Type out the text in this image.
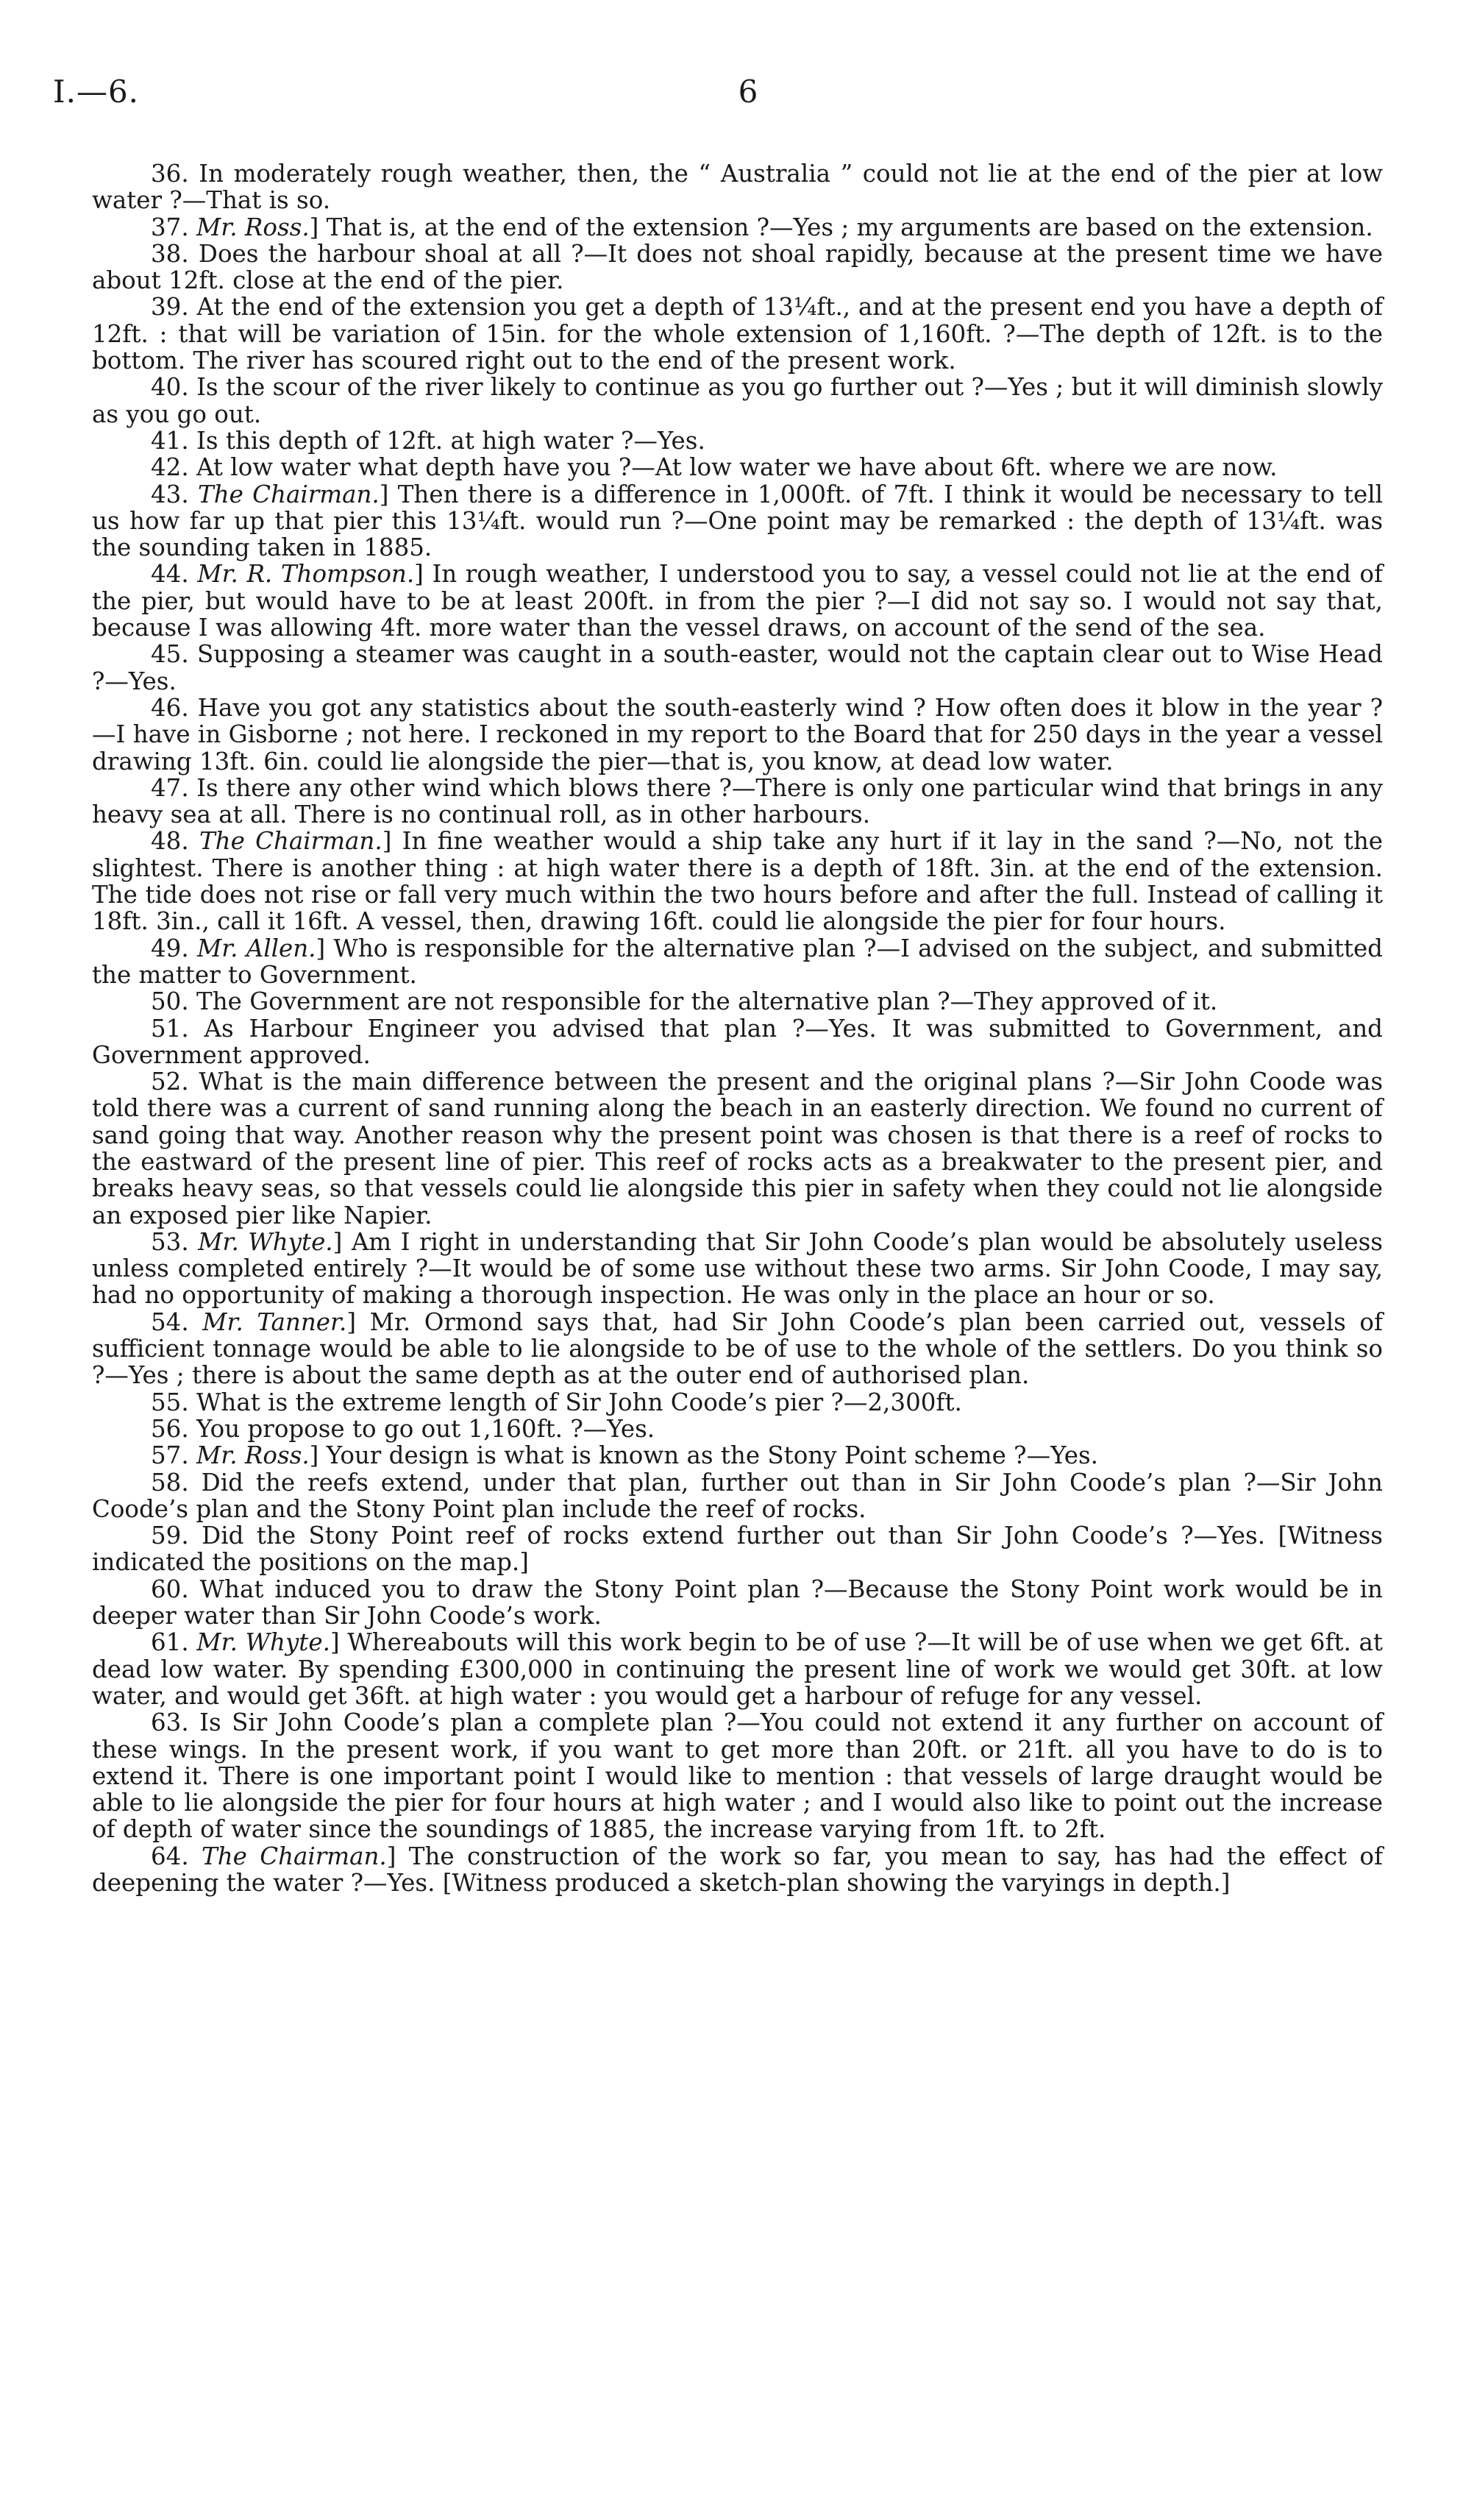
I.—6.	6

36. In moderately rough weather, then, the “ Australia ” could not lie at the end of the pier at low water ?—That is so.

37. Mr. Ross.] That is, at the end of the extension ?—Yes ; my arguments are based on the extension.

38. Does the harbour shoal at all ?—It does not shoal rapidly, because at the present time we have about 12ft. close at the end of the pier.

39. At the end of the extension you get a depth of 13¼ft., and at the present end you have a depth of 12ft. : that will be variation of 15in. for the whole extension of 1,160ft. ?—The depth of 12ft. is to the bottom. The river has scoured right out to the end of the present work.

40. Is the scour of the river likely to continue as you go further out ?—Yes ; but it will diminish slowly as you go out.

41. Is this depth of 12ft. at high water ?—Yes.

42. At low water what depth have you ?—At low water we have about 6ft. where we are now.

43. The Chairman.] Then there is a difference in 1,000ft. of 7ft. I think it would be necessary to tell us how far up that pier this 13¼ft. would run ?—One point may be remarked : the depth of 13¼ft. was the sounding taken in 1885.

44. Mr. R. Thompson.] In rough weather, I understood you to say, a vessel could not lie at the end of the pier, but would have to be at least 200ft. in from the pier ?—I did not say so. I would not say that, because I was allowing 4ft. more water than the vessel draws, on account of the send of the sea.

45. Supposing a steamer was caught in a south-easter, would not the captain clear out to Wise Head ?—Yes.

46. Have you got any statistics about the south-easterly wind ? How often does it blow in the year ?—I have in Gisborne ; not here. I reckoned in my report to the Board that for 250 days in the year a vessel drawing 13ft. 6in. could lie alongside the pier—that is, you know, at dead low water.

47. Is there any other wind which blows there ?—There is only one particular wind that brings in any heavy sea at all. There is no continual roll, as in other harbours.

48. The Chairman.] In fine weather would a ship take any hurt if it lay in the sand ?—No, not the slightest. There is another thing : at high water there is a depth of 18ft. 3in. at the end of the extension. The tide does not rise or fall very much within the two hours before and after the full. Instead of calling it 18ft. 3in., call it 16ft. A vessel, then, drawing 16ft. could lie alongside the pier for four hours.

49. Mr. Allen.] Who is responsible for the alternative plan ?—I advised on the subject, and submitted the matter to Government.

50. The Government are not responsible for the alternative plan ?—They approved of it.

51. As Harbour Engineer you advised that plan ?—Yes. It was submitted to Government, and Government approved.

52. What is the main difference between the present and the original plans ?—Sir John Coode was told there was a current of sand running along the beach in an easterly direction. We found no current of sand going that way. Another reason why the present point was chosen is that there is a reef of rocks to the eastward of the present line of pier. This reef of rocks acts as a breakwater to the present pier, and breaks heavy seas, so that vessels could lie alongside this pier in safety when they could not lie alongside an exposed pier like Napier.

53. Mr. Whyte.] Am I right in understanding that Sir John Coode’s plan would be absolutely useless unless completed entirely ?—It would be of some use without these two arms. Sir John Coode, I may say, had no opportunity of making a thorough inspection. He was only in the place an hour or so.

54. Mr. Tanner.] Mr. Ormond says that, had Sir John Coode’s plan been carried out, vessels of sufficient tonnage would be able to lie alongside to be of use to the whole of the settlers. Do you think so ?—Yes ; there is about the same depth as at the outer end of authorised plan.

55. What is the extreme length of Sir John Coode’s pier ?—2,300ft.

56. You propose to go out 1,160ft. ?—Yes.

57. Mr. Ross.] Your design is what is known as the Stony Point scheme ?—Yes.

58. Did the reefs extend, under that plan, further out than in Sir John Coode’s plan ?—Sir John Coode’s plan and the Stony Point plan include the reef of rocks.

59. Did the Stony Point reef of rocks extend further out than Sir John Coode’s ?—Yes. [Witness indicated the positions on the map.]

60. What induced you to draw the Stony Point plan ?—Because the Stony Point work would be in deeper water than Sir John Coode’s work.

61. Mr. Whyte.] Whereabouts will this work begin to be of use ?—It will be of use when we get 6ft. at dead low water. By spending £300,000 in continuing the present line of work we would get 30ft. at low water, and would get 36ft. at high water : you would get a harbour of refuge for any vessel.

63. Is Sir John Coode’s plan a complete plan ?—You could not extend it any further on account of these wings. In the present work, if you want to get more than 20ft. or 21ft. all you have to do is to extend it. There is one important point I would like to mention : that vessels of large draught would be able to lie alongside the pier for four hours at high water ; and I would also like to point out the increase of depth of water since the soundings of 1885, the increase varying from 1ft. to 2ft.

64. The Chairman.] The construction of the work so far, you mean to say, has had the effect of deepening the water ?—Yes. [Witness produced a sketch-plan showing the varyings in depth.]
